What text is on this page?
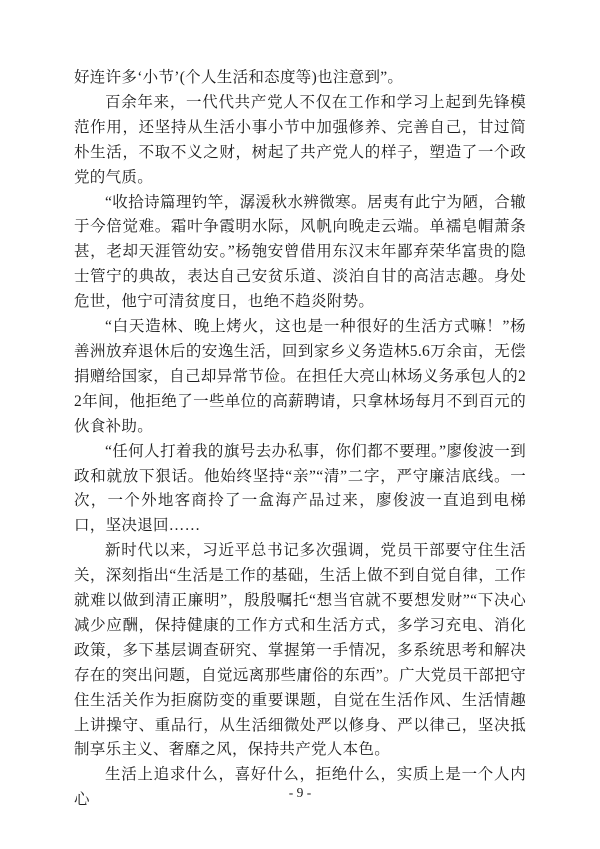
好连许多‘小节’(个人生活和态度等)也注意到”。

百余年来，一代代共产党人不仅在工作和学习上起到先锋模范作用，还坚持从生活小事小节中加强修养、完善自己，甘过简朴生活，不取不义之财，树起了共产党人的样子，塑造了一个政党的气质。

“收拾诗篇理钓竿，潺湲秋水辨微寒。居夷有此宁为陋，合辙于今倍觉难。霜叶争霞明水际，风帆向晚走云端。单襦皂帽萧条甚，老却天涯管幼安。”杨匏安曾借用东汉末年鄙弃荣华富贵的隐士管宁的典故，表达自己安贫乐道、淡泊自甘的高洁志趣。身处危世，他宁可清贫度日，也绝不趋炎附势。

“白天造林、晚上烤火，这也是一种很好的生活方式嘛！”杨善洲放弃退休后的安逸生活，回到家乡义务造林5.6万余亩，无偿捐赠给国家，自己却异常节俭。在担任大亮山林场义务承包人的22年间，他拒绝了一些单位的高薪聘请，只拿林场每月不到百元的伙食补助。

“任何人打着我的旗号去办私事，你们都不要理。”廖俊波一到政和就放下狠话。他始终坚持“亲”“清”二字，严守廉洁底线。一次，一个外地客商拎了一盒海产品过来，廖俊波一直追到电梯口，坚决退回……

新时代以来，习近平总书记多次强调，党员干部要守住生活关，深刻指出“生活是工作的基础，生活上做不到自觉自律，工作就难以做到清正廉明”，殷殷嘱托“想当官就不要想发财”“下决心减少应酬，保持健康的工作方式和生活方式，多学习充电、消化政策，多下基层调查研究、掌握第一手情况，多系统思考和解决存在的突出问题，自觉远离那些庸俗的东西”。广大党员干部把守住生活关作为拒腐防变的重要课题，自觉在生活作风、生活情趣上讲操守、重品行，从生活细微处严以修身、严以律己，坚决抵制享乐主义、奢靡之风，保持共产党人本色。

生活上追求什么，喜好什么，拒绝什么，实质上是一个人内心	- 9 -
